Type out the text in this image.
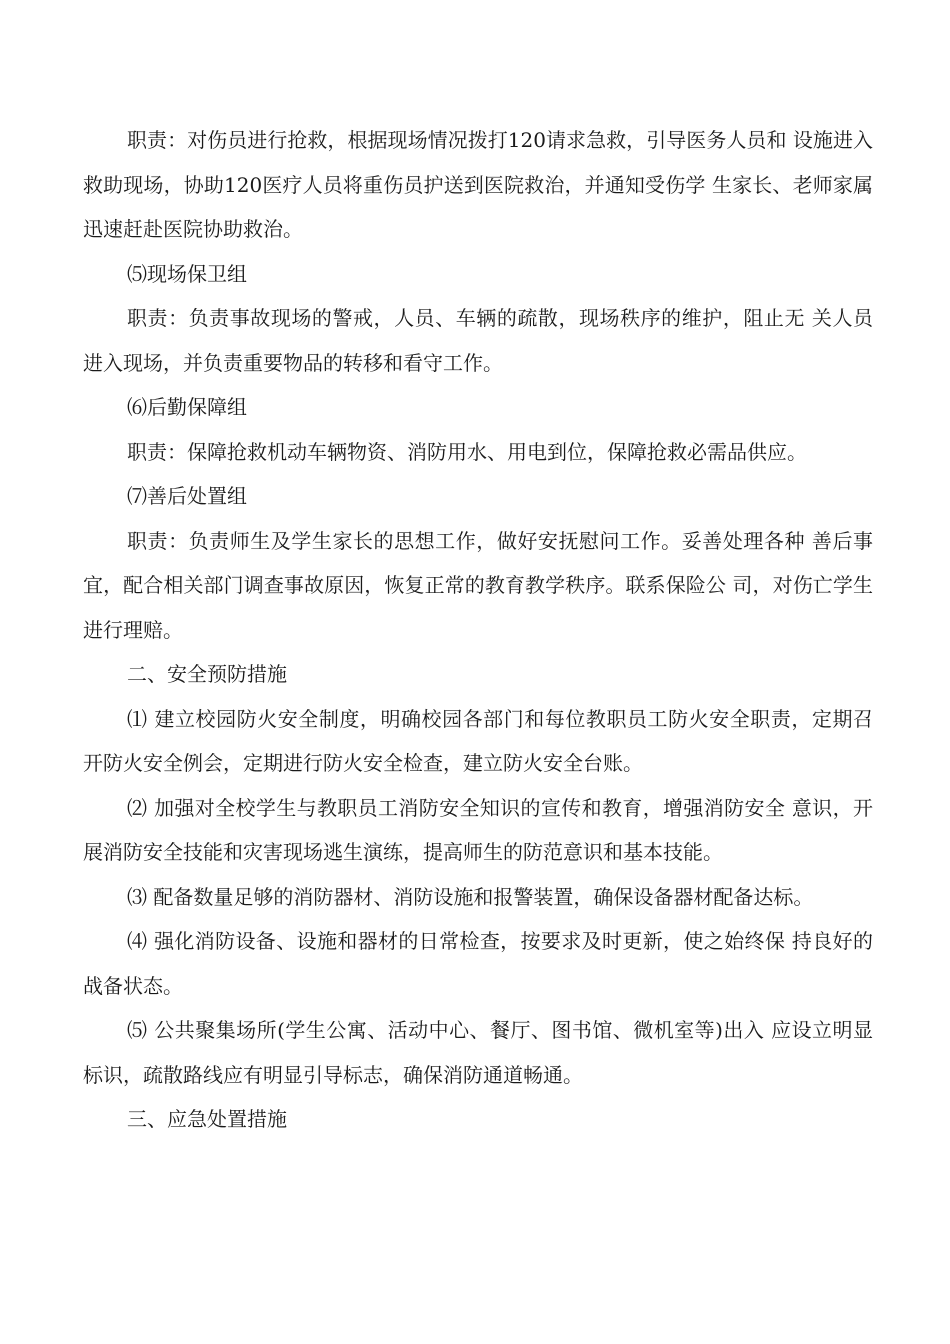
职责：对伤员进行抢救，根据现场情况拨打120请求急救，引导医务人员和 设施进入救助现场，协助120医疗人员将重伤员护送到医院救治，并通知受伤学 生家长、老师家属迅速赶赴医院协助救治。

⑸现场保卫组

职责：负责事故现场的警戒，人员、车辆的疏散，现场秩序的维护，阻止无 关人员进入现场，并负责重要物品的转移和看守工作。

⑹后勤保障组

职责：保障抢救机动车辆物资、消防用水、用电到位，保障抢救必需品供应。

⑺善后处置组

职责：负责师生及学生家长的思想工作，做好安抚慰问工作。妥善处理各种 善后事宜，配合相关部门调查事故原因，恢复正常的教育教学秩序。联系保险公 司，对伤亡学生进行理赔。

二、安全预防措施

⑴ 建立校园防火安全制度，明确校园各部门和每位教职员工防火安全职责，定期召开防火安全例会，定期进行防火安全检查，建立防火安全台账。

⑵ 加强对全校学生与教职员工消防安全知识的宣传和教育，增强消防安全 意识，开展消防安全技能和灾害现场逃生演练，提高师生的防范意识和基本技能。

⑶ 配备数量足够的消防器材、消防设施和报警装置，确保设备器材配备达标。

⑷ 强化消防设备、设施和器材的日常检查，按要求及时更新，使之始终保 持良好的战备状态。

⑸ 公共聚集场所(学生公寓、活动中心、餐厅、图书馆、微机室等)出入 应设立明显标识，疏散路线应有明显引导标志，确保消防通道畅通。

三、应急处置措施
